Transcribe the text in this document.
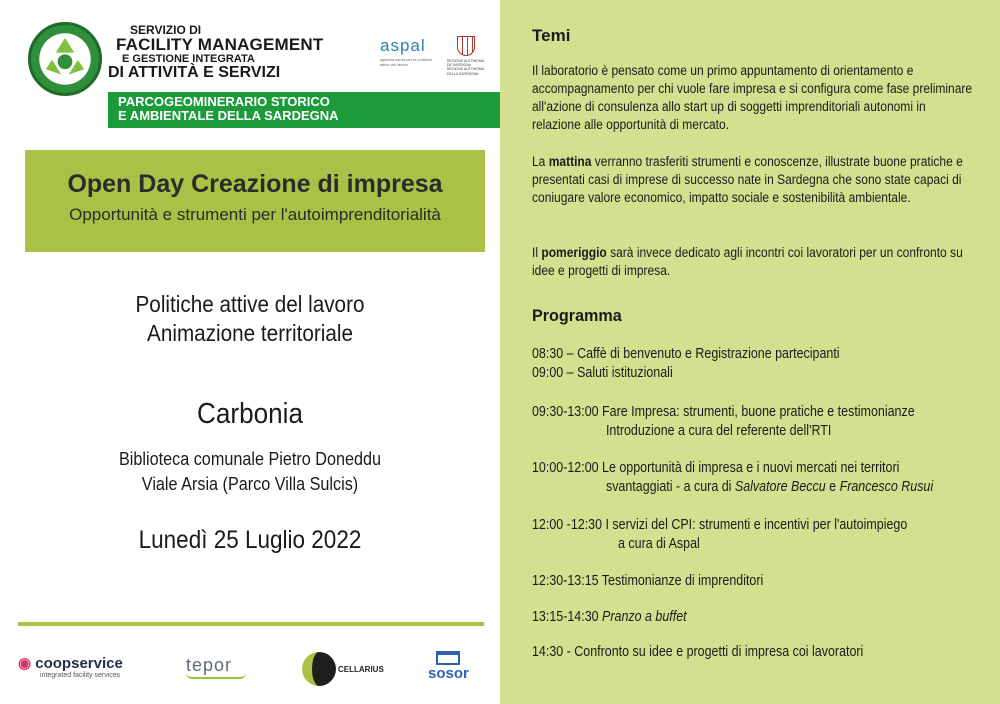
SERVIZIO DI
FACILITY MANAGEMENT
E GESTIONE INTEGRATA
DI ATTIVITÀ E SERVIZI
aspal
agenzia sarda per le politiche attive del lavoro
REGIONE AUTÒNOMA DE SARDIGNA REGIONE AUTONOMA DELLA SARDEGNA
PARCOGEOMINERARIO STORICO
E AMBIENTALE DELLA SARDEGNA
Open Day Creazione di impresa
Opportunità e strumenti per l'autoimprenditorialità
Politiche attive del lavoro
Animazione territoriale
Carbonia
Biblioteca comunale Pietro Doneddu
Viale Arsia (Parco Villa Sulcis)
Lunedì 25 Luglio 2022
◉ coopservice
integrated facility services
tepor	CELLARIUS	sosor
Temi
Il laboratorio è pensato come un primo appuntamento di orientamento e accompagnamento per chi vuole fare impresa e si configura come fase preliminare all'azione di consulenza allo start up di soggetti imprenditoriali autonomi in relazione alle opportunità di mercato.
La mattina verranno trasferiti strumenti e conoscenze, illustrate buone pratiche e presentati casi di imprese di successo nate in Sardegna che sono state capaci di coniugare valore economico, impatto sociale e sostenibilità ambientale.
Il pomeriggio sarà invece dedicato agli incontri coi lavoratori per un confronto su idee e progetti di impresa.
Programma
08:30 – Caffè di benvenuto e Registrazione partecipanti
09:00 – Saluti istituzionali
09:30-13:00 Fare Impresa: strumenti, buone pratiche e testimonianze
Introduzione a cura del referente dell'RTI
10:00-12:00 Le opportunità di impresa e i nuovi mercati nei territori
svantaggiati - a cura di Salvatore Beccu e Francesco Rusui
12:00 -12:30 I servizi del CPI: strumenti e incentivi per l'autoimpiego
a cura di Aspal
12:30-13:15 Testimonianze di imprenditori
13:15-14:30 Pranzo a buffet
14:30 - Confronto su idee e progetti di impresa coi lavoratori
